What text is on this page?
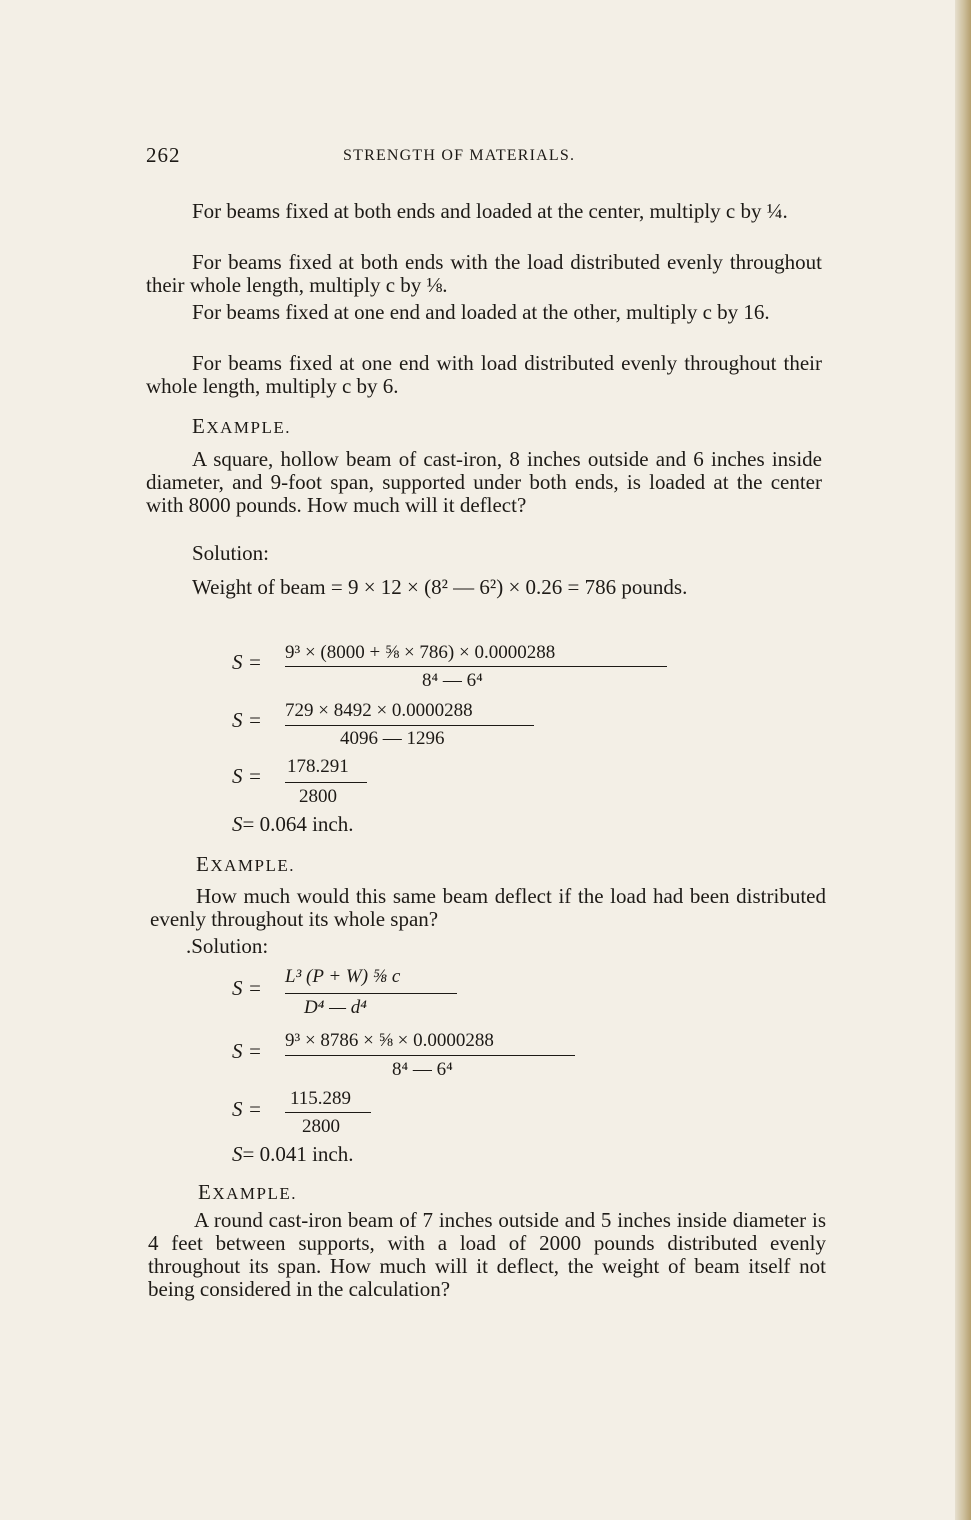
262	STRENGTH OF MATERIALS.

For beams fixed at both ends and loaded at the center, multiply c by ¼.

For beams fixed at both ends with the load distributed evenly throughout their whole length, multiply c by ⅛.

For beams fixed at one end and loaded at the other, multiply c by 16.

For beams fixed at one end with load distributed evenly throughout their whole length, multiply c by 6.

EXAMPLE.

A square, hollow beam of cast-iron, 8 inches outside and 6 inches inside diameter, and 9-foot span, supported under both ends, is loaded at the center with 8000 pounds. How much will it deflect?

Solution:
Weight of beam = 9 × 12 × (8² — 6²) × 0.26 = 786 pounds.
S = 9³ × (8000 + ⅝ × 786) × 0.0000288
8⁴ — 6⁴
S = 729 × 8492 × 0.0000288
4096 — 1296
S = 178.291
2800
S= 0.064 inch.
EXAMPLE.

How much would this same beam deflect if the load had been distributed evenly throughout its whole span?

.Solution:
S = L³ (P + W) ⅝ c
D⁴ — d⁴
S = 9³ × 8786 × ⅝ × 0.0000288
8⁴ — 6⁴
S = 115.289
2800
S= 0.041 inch.
EXAMPLE.

A round cast-iron beam of 7 inches outside and 5 inches inside diameter is 4 feet between supports, with a load of 2000 pounds distributed evenly throughout its span. How much will it deflect, the weight of beam itself not being considered in the calculation?
